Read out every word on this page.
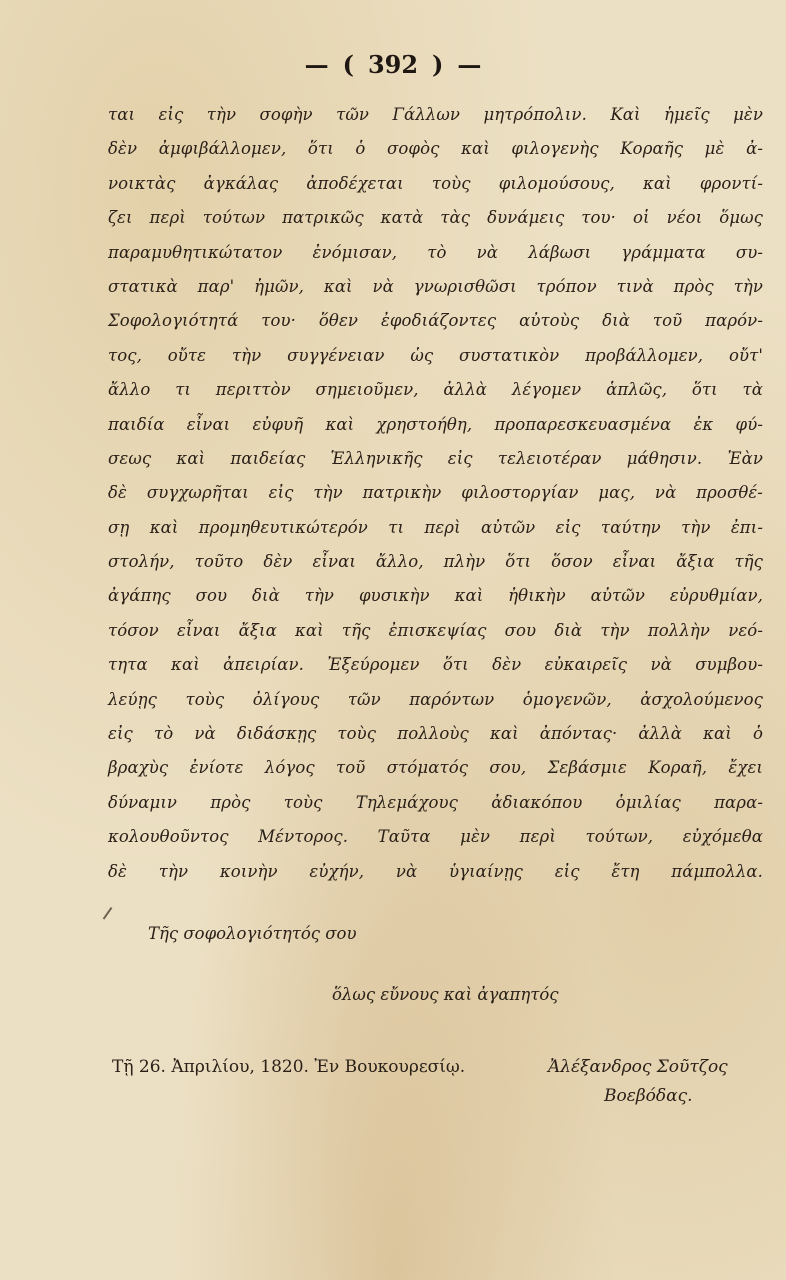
— ( 392 ) —
ται εἰς τὴν σοφὴν τῶν Γάλλων μητρόπολιν. Καὶ ἡμεῖς μὲν
δὲν ἀμφιβάλλομεν, ὅτι ὁ σοφὸς καὶ φιλογενὴς Κοραῆς μὲ ἀ-
νοικτὰς ἀγκάλας ἀποδέχεται τοὺς φιλομούσους, καὶ φροντί-
ζει περὶ τούτων πατρικῶς κατὰ τὰς δυνάμεις του· οἱ νέοι ὅμως
παραμυθητικώτατον ἐνόμισαν, τὸ νὰ λάβωσι γράμματα συ-
στατικὰ παρ' ἡμῶν, καὶ νὰ γνωρισθῶσι τρόπον τινὰ πρὸς τὴν
Σοφολογιότητά του· ὅθεν ἐφοδιάζοντες αὐτοὺς διὰ τοῦ παρόν-
τος, οὔτε τὴν συγγένειαν ὡς συστατικὸν προβάλλομεν, οὔτ'
ἄλλο τι περιττὸν σημειοῦμεν, ἀλλὰ λέγομεν ἁπλῶς, ὅτι τὰ
παιδία εἶναι εὐφυῆ καὶ χρηστοήθη, προπαρεσκευασμένα ἐκ φύ-
σεως καὶ παιδείας Ἑλληνικῆς εἰς τελειοτέραν μάθησιν. Ἐὰν
δὲ συγχωρῆται εἰς τὴν πατρικὴν φιλοστοργίαν μας, νὰ προσθέ-
σῃ καὶ προμηθευτικώτερόν τι περὶ αὐτῶν εἰς ταύτην τὴν ἐπι-
στολήν, τοῦτο δὲν εἶναι ἄλλο, πλὴν ὅτι ὅσον εἶναι ἄξια τῆς
ἀγάπης σου διὰ τὴν φυσικὴν καὶ ἠθικὴν αὐτῶν εὐρυθμίαν,
τόσον εἶναι ἄξια καὶ τῆς ἐπισκεψίας σου διὰ τὴν πολλὴν νεό-
τητα καὶ ἀπειρίαν. Ἐξεύρομεν ὅτι δὲν εὐκαιρεῖς νὰ συμβου-
λεύῃς τοὺς ὀλίγους τῶν παρόντων ὁμογενῶν, ἀσχολούμενος
εἰς τὸ νὰ διδάσκῃς τοὺς πολλοὺς καὶ ἀπόντας· ἀλλὰ καὶ ὁ
βραχὺς ἐνίοτε λόγος τοῦ στόματός σου, Σεβάσμιε Κοραῆ, ἔχει
δύναμιν πρὸς τοὺς Τηλεμάχους ἀδιακόπου ὁμιλίας παρα-
κολουθοῦντος Μέντορος. Ταῦτα μὲν περὶ τούτων, εὐχόμεθα
δὲ τὴν κοινὴν εὐχήν, νὰ ὑγιαίνῃς εἰς ἔτη πάμπολλα.
Τῆς σοφολογιότητός σου
ὅλως εὔνους καὶ ἀγαπητός
Τῇ 26. Ἀπριλίου, 1820. Ἐν Βουκουρεσίῳ.	Ἀλέξανδρος Σοῦτζος
Βοεβόδας.
